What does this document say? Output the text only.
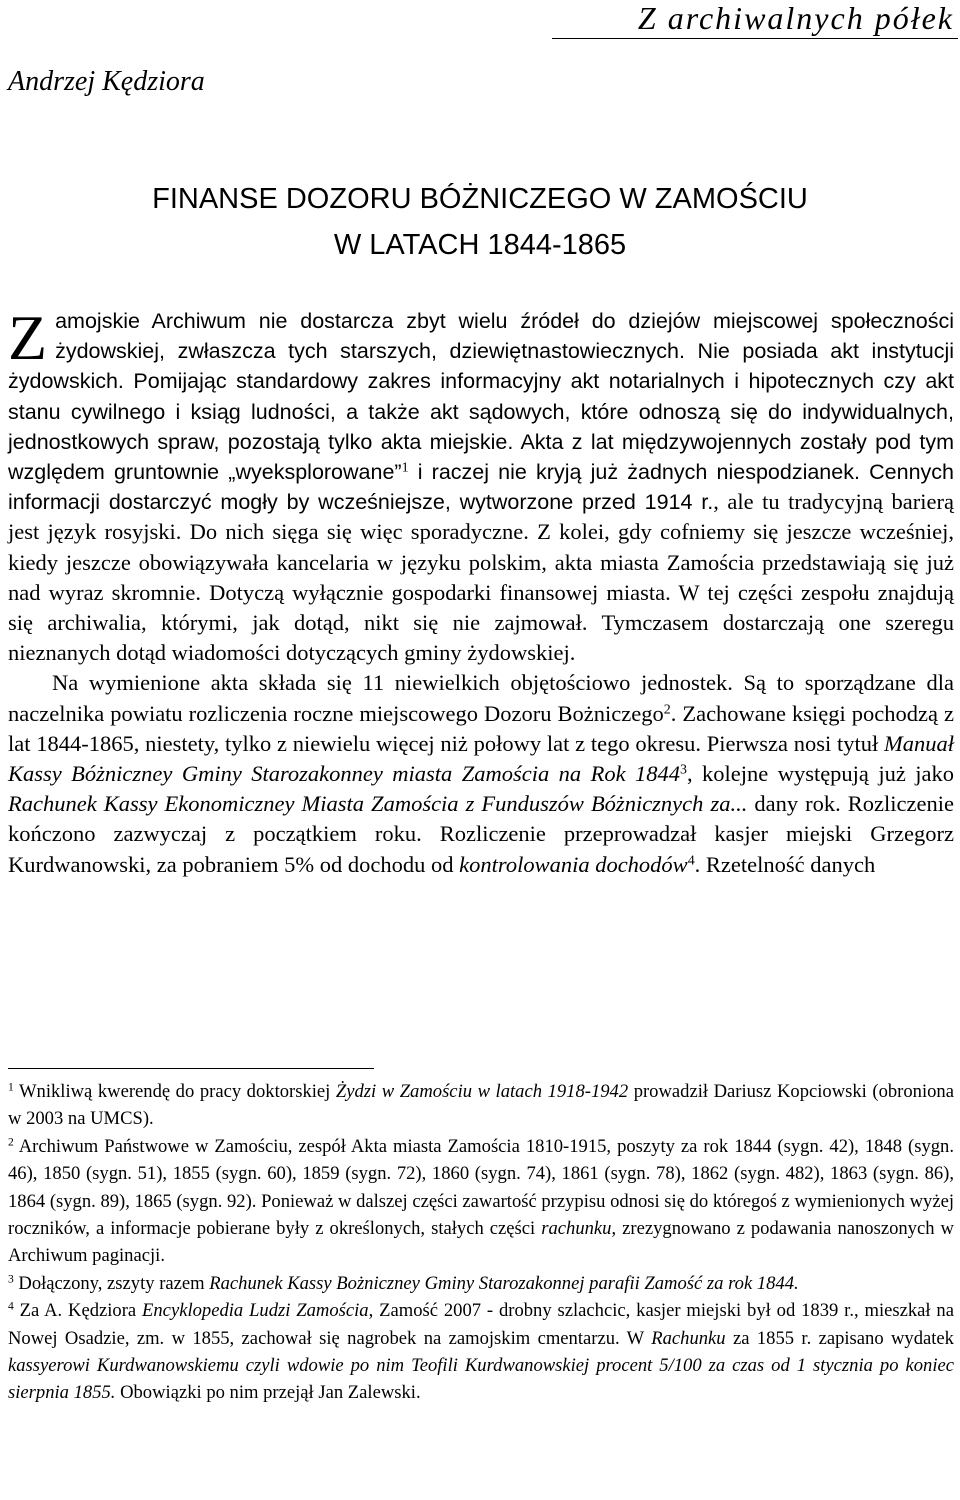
Z archiwalnych półek
Andrzej Kędziora
FINANSE DOZORU BÓŻNICZEGO W ZAMOŚCIU
W LATACH 1844-1865

Zamojskie Archiwum nie dostarcza zbyt wielu źródeł do dziejów miejscowej społeczności żydowskiej, zwłaszcza tych starszych, dziewiętnastowiecznych. Nie posiada akt instytucji żydowskich. Pomijając standardowy zakres informacyjny akt notarialnych i hipotecznych czy akt stanu cywilnego i ksiąg ludności, a także akt sądowych, które odnoszą się do indywidualnych, jednostkowych spraw, pozostają tylko akta miejskie. Akta z lat międzywojennych zostały pod tym względem gruntownie „wyeksplorowane”$^1$ i raczej nie kryją już żadnych niespodzianek. Cennych informacji dostarczyć mogły by wcześniejsze, wytworzone przed 1914 r., ale tu tradycyjną barierą jest język rosyjski. Do nich sięga się więc sporadyczne. Z kolei, gdy cofniemy się jeszcze wcześniej, kiedy jeszcze obowiązywała kancelaria w języku polskim, akta miasta Zamościa przedstawiają się już nad wyraz skromnie. Dotyczą wyłącznie gospodarki finansowej miasta. W tej części zespołu znajdują się archiwalia, którymi, jak dotąd, nikt się nie zajmował. Tymczasem dostarczają one szeregu nieznanych dotąd wiadomości dotyczących gminy żydowskiej.

Na wymienione akta składa się 11 niewielkich objętościowo jednostek. Są to sporządzane dla naczelnika powiatu rozliczenia roczne miejscowego Dozoru Bożniczego$^2$. Zachowane księgi pochodzą z lat 1844-1865, niestety, tylko z niewielu więcej niż połowy lat z tego okresu. Pierwsza nosi tytuł Manuał Kassy Bóżniczney Gminy Starozakonney miasta Zamościa na Rok 1844$^3$, kolejne występują już jako Rachunek Kassy Ekonomiczney Miasta Zamościa z Funduszów Bóżnicznych za... dany rok. Rozliczenie kończono zazwyczaj z początkiem roku. Rozliczenie przeprowadzał kasjer miejski Grzegorz Kurdwanowski, za pobraniem 5% od dochodu od kontrolowania dochodów$^4$. Rzetelność danych

$^1$ Wnikliwą kwerendę do pracy doktorskiej Żydzi w Zamościu w latach 1918-1942 prowadził Dariusz Kopciowski (obroniona w 2003 na UMCS).

$^2$ Archiwum Państwowe w Zamościu, zespół Akta miasta Zamościa 1810-1915, poszyty za rok 1844 (sygn. 42), 1848 (sygn. 46), 1850 (sygn. 51), 1855 (sygn. 60), 1859 (sygn. 72), 1860 (sygn. 74), 1861 (sygn. 78), 1862 (sygn. 482), 1863 (sygn. 86), 1864 (sygn. 89), 1865 (sygn. 92). Ponieważ w dalszej części zawartość przypisu odnosi się do któregoś z wymienionych wyżej roczników, a informacje pobierane były z określonych, stałych części rachunku, zrezygnowano z podawania nanoszonych w Archiwum paginacji.

$^3$ Dołączony, zszyty razem Rachunek Kassy Bożniczney Gminy Starozakonnej parafii Zamość za rok 1844.

$^4$ Za A. Kędziora Encyklopedia Ludzi Zamościa, Zamość 2007 - drobny szlachcic, kasjer miejski był od 1839 r., mieszkał na Nowej Osadzie, zm. w 1855, zachował się nagrobek na zamojskim cmentarzu. W Rachunku za 1855 r. zapisano wydatek kassyerowi Kurdwanowskiemu czyli wdowie po nim Teofili Kurdwanowskiej procent 5/100 za czas od 1 stycznia po koniec sierpnia 1855. Obowiązki po nim przejął Jan Zalewski.
